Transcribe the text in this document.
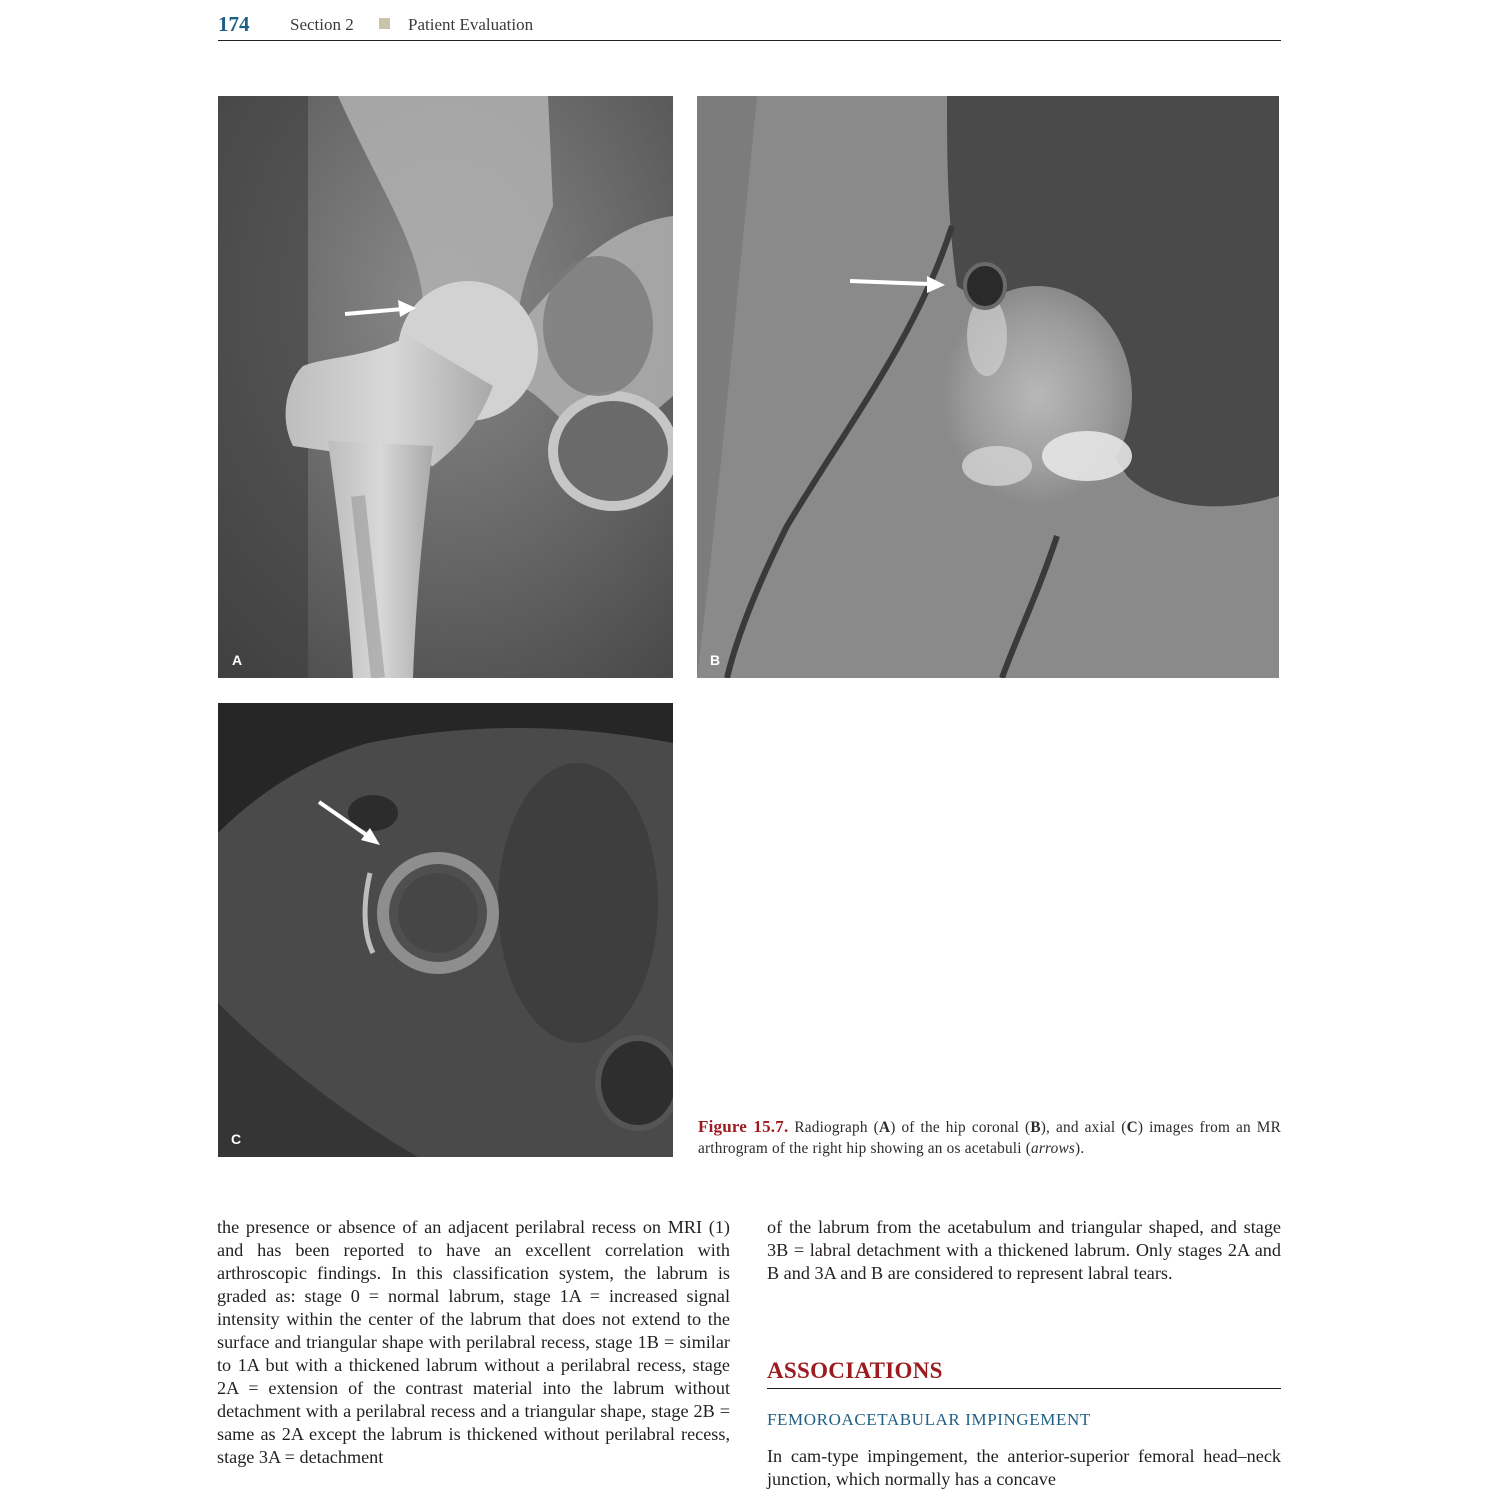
174 Section 2	Patient Evaluation
A	B
C
Figure 15.7. Radiograph (A) of the hip coronal (B), and axial (C) images from an MR arthrogram of the right hip showing an os acetabuli (arrows).

the presence or absence of an adjacent perilabral recess on MRI (1) and has been reported to have an excellent correlation with arthroscopic findings. In this classification system, the labrum is graded as: stage 0 = normal labrum, stage 1A = increased signal intensity within the center of the labrum that does not extend to the surface and triangular shape with perilabral recess, stage 1B = similar to 1A but with a thickened labrum without a perilabral recess, stage 2A = extension of the contrast material into the labrum without detachment with a perilabral recess and a triangular shape, stage 2B = same as 2A except the labrum is thickened without perilabral recess, stage 3A = detachment

of the labrum from the acetabulum and triangular shaped, and stage 3B = labral detachment with a thickened labrum. Only stages 2A and B and 3A and B are considered to represent labral tears.

ASSOCIATIONS
FEMOROACETABULAR IMPINGEMENT

In cam-type impingement, the anterior-superior femoral head–neck junction, which normally has a concave
